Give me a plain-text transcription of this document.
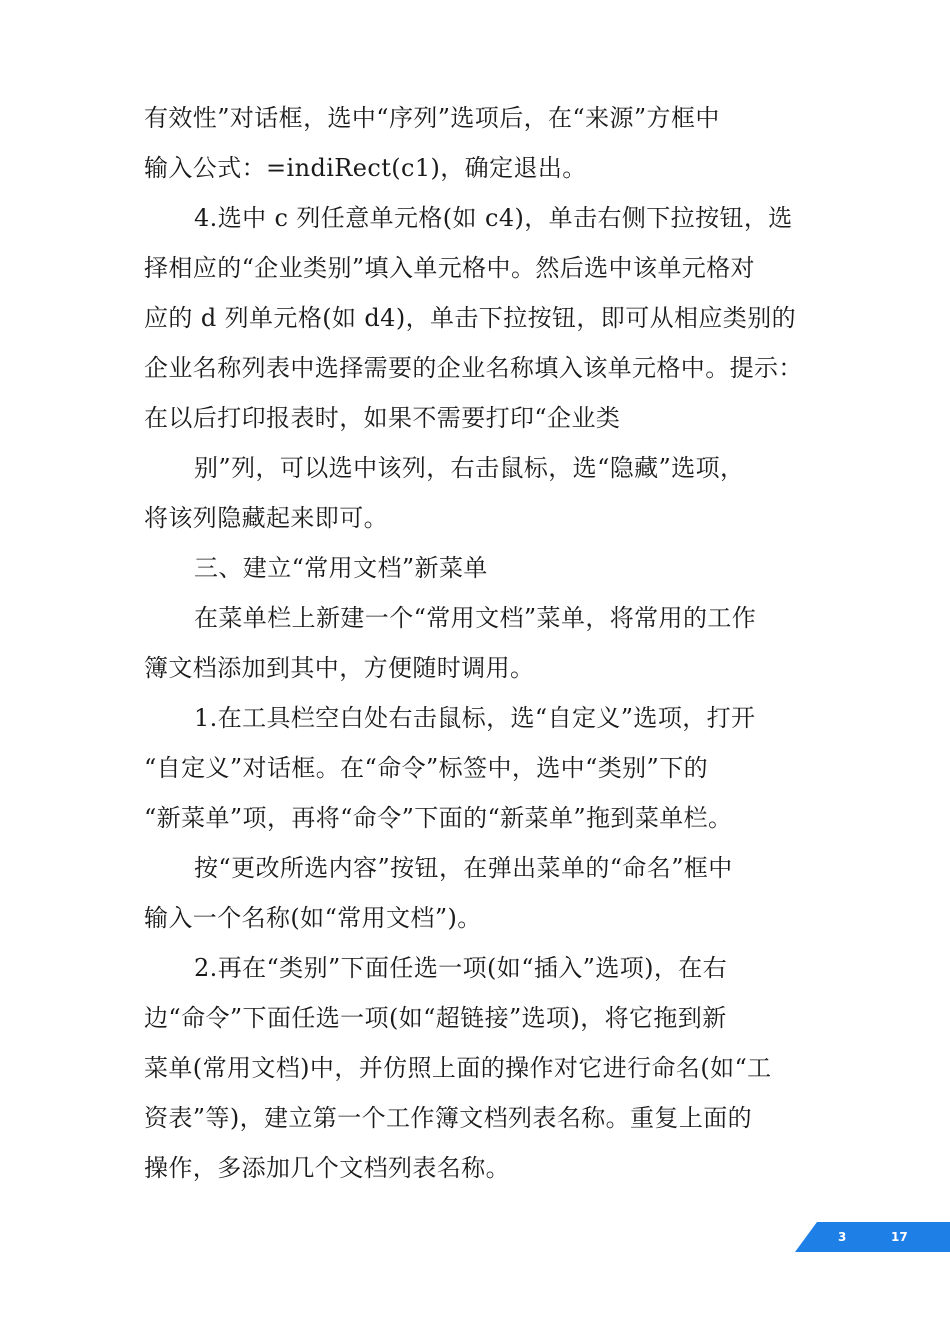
有效性”对话框，选中“序列”选项后，在“来源”方框中
输入公式：=indiRect(c1)，确定退出。
4.选中 c 列任意单元格(如 c4)，单击右侧下拉按钮，选
择相应的“企业类别”填入单元格中。然后选中该单元格对
应的 d 列单元格(如 d4)，单击下拉按钮，即可从相应类别的
企业名称列表中选择需要的企业名称填入该单元格中。提示：
在以后打印报表时，如果不需要打印“企业类
别”列，可以选中该列，右击鼠标，选“隐藏”选项，
将该列隐藏起来即可。
三、建立“常用文档”新菜单
在菜单栏上新建一个“常用文档”菜单，将常用的工作
簿文档添加到其中，方便随时调用。
1.在工具栏空白处右击鼠标，选“自定义”选项，打开
“自定义”对话框。在“命令”标签中，选中“类别”下的
“新菜单”项，再将“命令”下面的“新菜单”拖到菜单栏。
按“更改所选内容”按钮，在弹出菜单的“命名”框中
输入一个名称(如“常用文档”)。
2.再在“类别”下面任选一项(如“插入”选项)，在右
边“命令”下面任选一项(如“超链接”选项)，将它拖到新
菜单(常用文档)中，并仿照上面的操作对它进行命名(如“工
资表”等)，建立第一个工作簿文档列表名称。重复上面的
操作，多添加几个文档列表名称。
3	17
